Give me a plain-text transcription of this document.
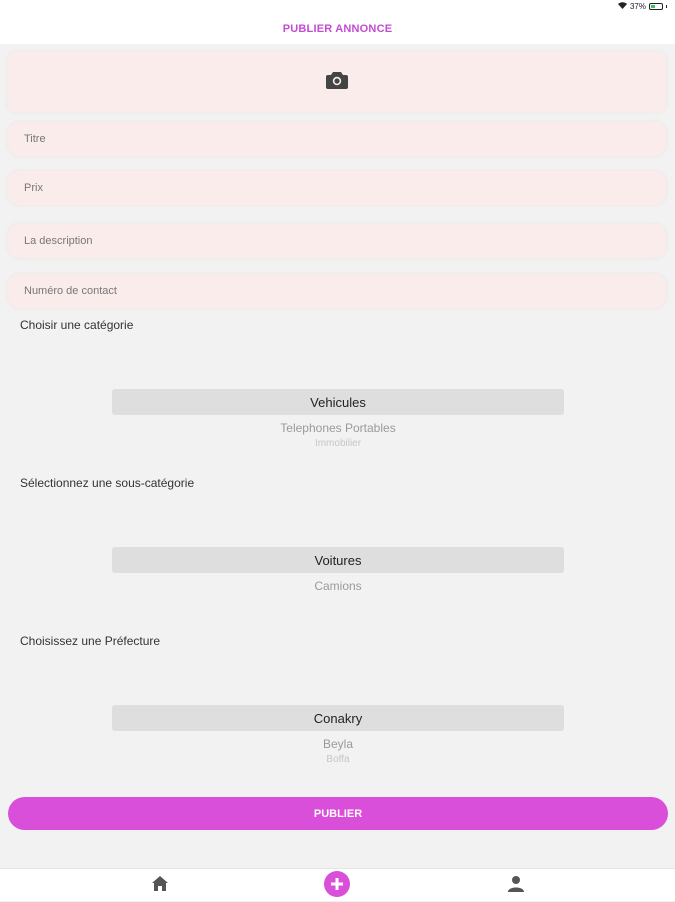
37%
PUBLIER ANNONCE
Titre
Prix
La description
Numéro de contact
Choisir une catégorie
Vehicules
Telephones Portables
Immobilier
Sélectionnez une sous-catégorie
Voitures
Camions
Choisissez une Préfecture
Conakry
Beyla
Boffa
PUBLIER
